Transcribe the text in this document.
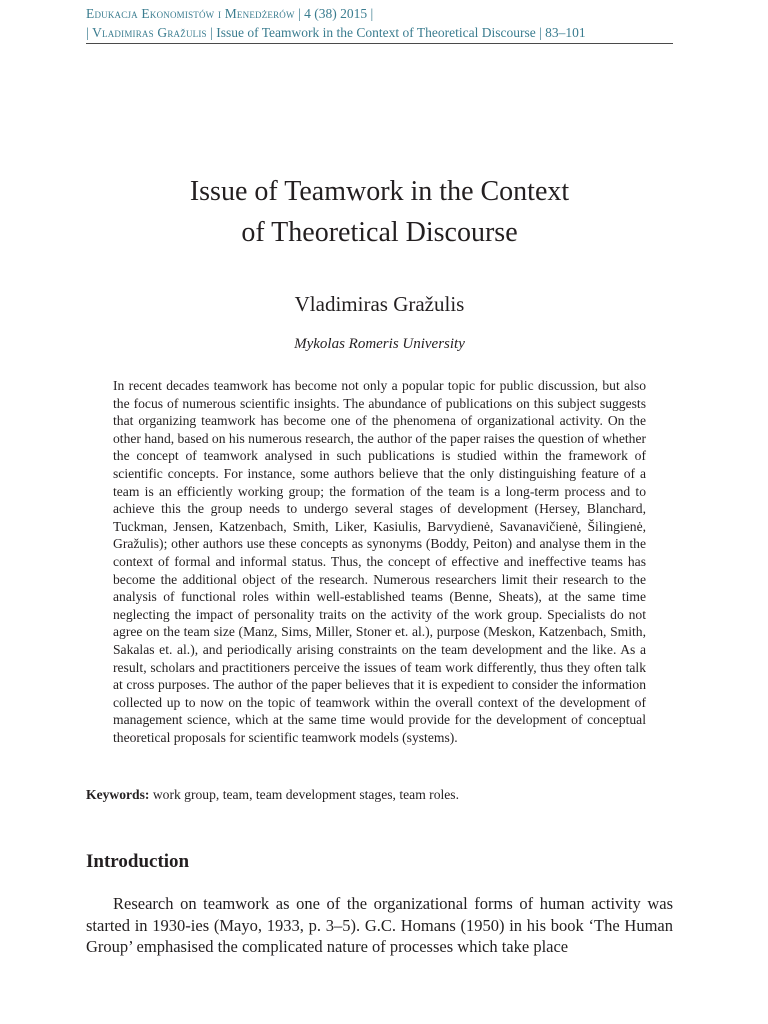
Edukacja Ekonomistów i Menedżerów | 4 (38) 2015 |
| Vladimiras Gražulis | Issue of Teamwork in the Context of Theoretical Discourse | 83–101
Issue of Teamwork in the Context
of Theoretical Discourse
Vladimiras Gražulis
Mykolas Romeris University

In recent decades teamwork has become not only a popular topic for public discussion, but also the focus of numerous scientific insights. The abundance of publications on this subject suggests that organizing teamwork has become one of the phenomena of organizational activity. On the other hand, based on his numerous research, the author of the paper raises the question of whether the concept of teamwork analysed in such publications is studied within the framework of scientific concepts. For instance, some authors believe that the only distinguishing feature of a team is an efficiently working group; the formation of the team is a long-term process and to achieve this the group needs to undergo several stages of development (Hersey, Blanchard, Tuckman, Jensen, Katzenbach, Smith, Liker, Kasiulis, Barvydienė, Savanavičienė, Šilingienė, Gražulis); other authors use these concepts as synonyms (Boddy, Peiton) and analyse them in the context of formal and informal status. Thus, the concept of effective and ineffective teams has become the additional object of the research. Numerous researchers limit their research to the analysis of functional roles within well-established teams (Benne, Sheats), at the same time neglecting the impact of personality traits on the activity of the work group. Specialists do not agree on the team size (Manz, Sims, Miller, Stoner et. al.), purpose (Meskon, Katzenbach, Smith, Sakalas et. al.), and periodically arising constraints on the team development and the like. As a result, scholars and practitioners perceive the issues of team work differently, thus they often talk at cross purposes. The author of the paper believes that it is expedient to consider the information collected up to now on the topic of teamwork within the overall context of the development of management science, which at the same time would provide for the development of conceptual theoretical proposals for scientific teamwork models (systems).

Keywords: work group, team, team development stages, team roles.
Introduction

Research on teamwork as one of the organizational forms of human activity was started in 1930-ies (Mayo, 1933, p. 3–5). G.C. Homans (1950) in his book ‘The Human Group’ emphasised the complicated nature of processes which take place
